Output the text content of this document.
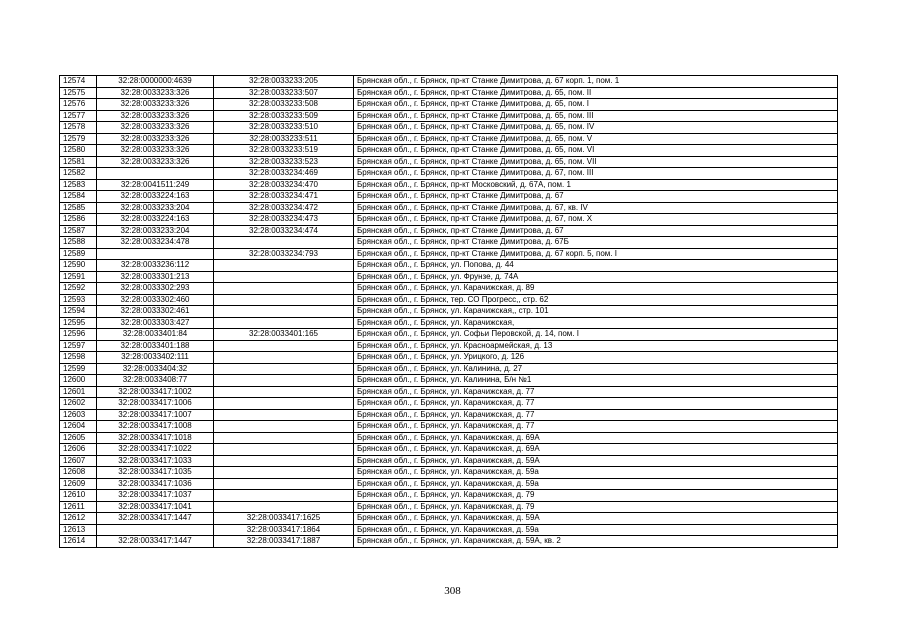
12574	32:28:0000000:4639	32:28:0033233:205	Брянская обл., г. Брянск, пр-кт Станке Димитрова, д. 67 корп. 1, пом. 1
12575	32:28:0033233:326	32:28:0033233:507	Брянская обл., г. Брянск, пр-кт Станке Димитрова, д. 65, пом. II
12576	32:28:0033233:326	32:28:0033233:508	Брянская обл., г. Брянск, пр-кт Станке Димитрова, д. 65, пом. I
12577	32:28:0033233:326	32:28:0033233:509	Брянская обл., г. Брянск, пр-кт Станке Димитрова, д. 65, пом. III
12578	32:28:0033233:326	32:28:0033233:510	Брянская обл., г. Брянск, пр-кт Станке Димитрова, д. 65, пом. IV
12579	32:28:0033233:326	32:28:0033233:511	Брянская обл., г. Брянск, пр-кт Станке Димитрова, д. 65, пом. V
12580	32:28:0033233:326	32:28:0033233:519	Брянская обл., г. Брянск, пр-кт Станке Димитрова, д. 65, пом. VI
12581	32:28:0033233:326	32:28:0033233:523	Брянская обл., г. Брянск, пр-кт Станке Димитрова, д. 65, пом. VII
12582		32:28:0033234:469	Брянская обл., г. Брянск, пр-кт Станке Димитрова, д. 67, пом. III
12583	32:28:0041511:249	32:28:0033234:470	Брянская обл., г. Брянск, пр-кт Московский, д. 67А, пом. 1
12584	32:28:0033224:163	32:28:0033234:471	Брянская обл., г. Брянск, пр-кт Станке Димитрова, д. 67
12585	32:28:0033233:204	32:28:0033234:472	Брянская обл., г. Брянск, пр-кт Станке Димитрова, д. 67, кв. IV
12586	32:28:0033224:163	32:28:0033234:473	Брянская обл., г. Брянск, пр-кт Станке Димитрова, д. 67, пом. X
12587	32:28:0033233:204	32:28:0033234:474	Брянская обл., г. Брянск, пр-кт Станке Димитрова, д. 67
12588	32:28:0033234:478		Брянская обл., г. Брянск, пр-кт Станке Димитрова, д. 67Б
12589		32:28:0033234:793	Брянская обл., г. Брянск, пр-кт Станке Димитрова, д. 67 корп. 5, пом. I
12590	32:28:0033236:112		Брянская обл., г. Брянск, ул. Попова, д. 44
12591	32:28:0033301:213		Брянская обл., г. Брянск, ул. Фрунзе, д. 74А
12592	32:28:0033302:293		Брянская обл., г. Брянск, ул. Карачижская, д. 89
12593	32:28:0033302:460		Брянская обл., г. Брянск, тер. СО Прогресс,, стр. 62
12594	32:28:0033302:461		Брянская обл., г. Брянск, ул. Карачижская,, стр. 101
12595	32:28:0033303:427		Брянская обл., г. Брянск, ул. Карачижская,
12596	32:28:0033401:84	32:28:0033401:165	Брянская обл., г. Брянск, ул. Софьи Перовской, д. 14, пом. I
12597	32:28:0033401:188		Брянская обл., г. Брянск, ул. Красноармейская, д. 13
12598	32:28:0033402:111		Брянская обл., г. Брянск, ул. Урицкого, д. 126
12599	32:28:0033404:32		Брянская обл., г. Брянск, ул. Калинина, д. 27
12600	32:28:0033408:77		Брянская обл., г. Брянск, ул. Калинина, Б/н №1
12601	32:28:0033417:1002		Брянская обл., г. Брянск, ул. Карачижская, д. 77
12602	32:28:0033417:1006		Брянская обл., г. Брянск, ул. Карачижская, д. 77
12603	32:28:0033417:1007		Брянская обл., г. Брянск, ул. Карачижская, д. 77
12604	32:28:0033417:1008		Брянская обл., г. Брянск, ул. Карачижская, д. 77
12605	32:28:0033417:1018		Брянская обл., г. Брянск, ул. Карачижская, д. 69А
12606	32:28:0033417:1022		Брянская обл., г. Брянск, ул. Карачижская, д. 69А
12607	32:28:0033417:1033		Брянская обл., г. Брянск, ул. Карачижская, д. 59А
12608	32:28:0033417:1035		Брянская обл., г. Брянск, ул. Карачижская, д. 59а
12609	32:28:0033417:1036		Брянская обл., г. Брянск, ул. Карачижская, д. 59а
12610	32:28:0033417:1037		Брянская обл., г. Брянск, ул. Карачижская, д. 79
12611	32:28:0033417:1041		Брянская обл., г. Брянск, ул. Карачижская, д. 79
12612	32:28:0033417:1447	32:28:0033417:1625	Брянская обл., г. Брянск, ул. Карачижская, д. 59А
12613		32:28:0033417:1864	Брянская обл., г. Брянск, ул. Карачижская, д. 59а
12614	32:28:0033417:1447	32:28:0033417:1887	Брянская обл., г. Брянск, ул. Карачижская, д. 59А, кв. 2
308
